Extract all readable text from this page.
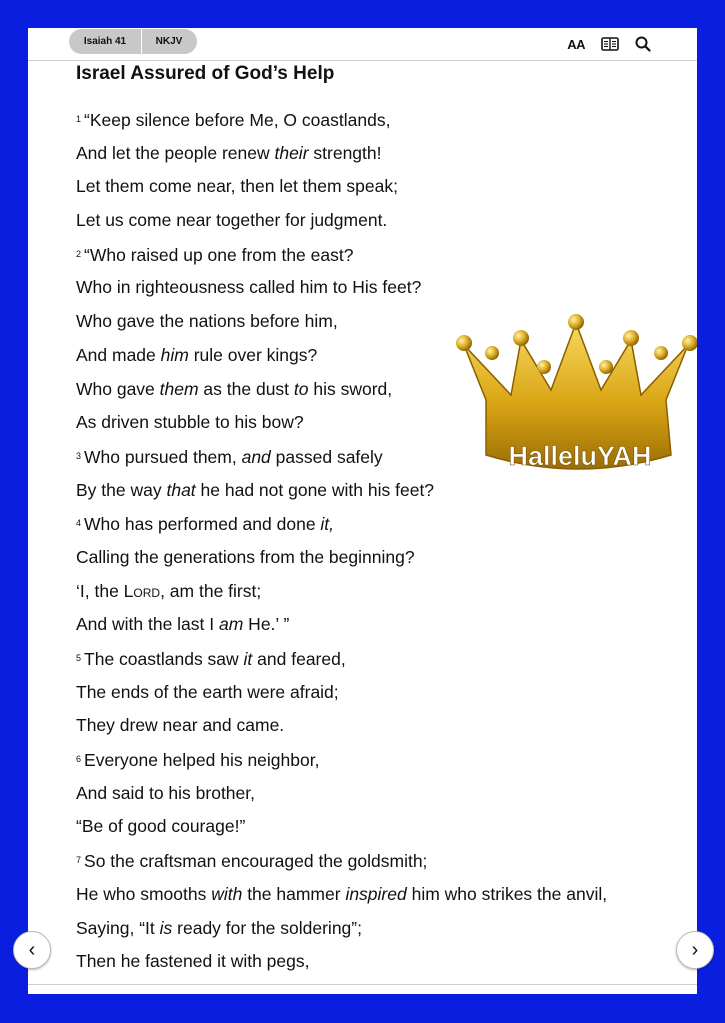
Isaiah 41	NKJV	AA
Israel Assured of God’s Help
$^1$ “Keep silence before Me, O coastlands,
And let the people renew their strength!
Let them come near, then let them speak;
Let us come near together for judgment.
$^2$ “Who raised up one from the east?
Who in righteousness called him to His feet?
Who gave the nations before him,
And made him rule over kings?
Who gave them as the dust to his sword,
As driven stubble to his bow?
$^3$ Who pursued them, and passed safely
By the way that he had not gone with his feet?
$^4$ Who has performed and done it,
Calling the generations from the beginning?
‘I, the Lord, am the first;
And with the last I am He.’ ”
$^5$ The coastlands saw it and feared,
The ends of the earth were afraid;
They drew near and came.
$^6$ Everyone helped his neighbor,
And said to his brother,
“Be of good courage!”
$^7$ So the craftsman encouraged the goldsmith;
He who smooths with the hammer inspired him who strikes the anvil,
Saying, “It is ready for the soldering”;
Then he fastened it with pegs,
HalleluYAH
‹	›
